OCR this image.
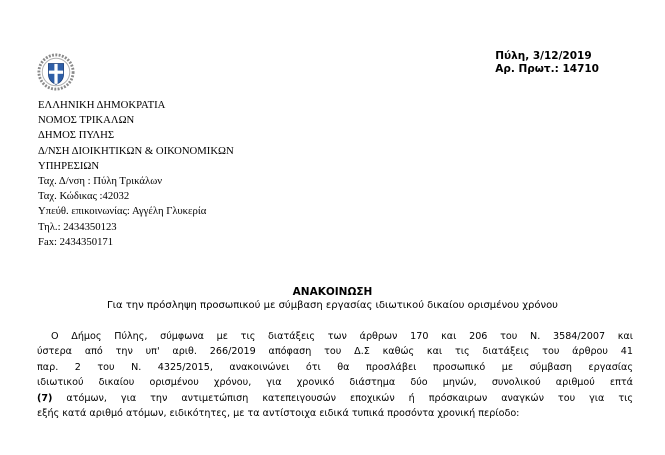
Πύλη, 3/12/2019
Αρ. Πρωτ.: 14710
ΕΛΛΗΝΙΚΗ ΔΗΜΟΚΡΑΤΙΑ
ΝΟΜΟΣ ΤΡΙΚΑΛΩΝ
ΔΗΜΟΣ ΠΥΛΗΣ
Δ/ΝΣΗ ΔΙΟΙΚΗΤΙΚΩΝ & ΟΙΚΟΝΟΜΙΚΩΝ
ΥΠΗΡΕΣΙΩΝ
Ταχ. Δ/νση : Πύλη Τρικάλων
Ταχ. Κώδικας :42032
Υπεύθ. επικοινωνίας: Αγγέλη Γλυκερία
Τηλ.: 2434350123
Fax: 2434350171
ΑΝΑΚΟΙΝΩΣΗ
Για την πρόσληψη προσωπικού με σύμβαση εργασίας ιδιωτικού δικαίου ορισμένου χρόνου
Ο Δήμος Πύλης, σύμφωνα με τις διατάξεις των άρθρων 170 και 206 του Ν. 3584/2007 και
ύστερα από την υπ' αριθ. 266/2019 απόφαση του Δ.Σ καθώς και τις διατάξεις του άρθρου 41
παρ. 2 του Ν. 4325/2015, ανακοινώνει ότι θα προσλάβει προσωπικό με σύμβαση εργασίας
ιδιωτικού δικαίου ορισμένου χρόνου, για χρονικό διάστημα δύο μηνών, συνολικού αριθμού επτά
(7) ατόμων, για την αντιμετώπιση κατεπειγουσών εποχικών ή πρόσκαιρων αναγκών του για τις
εξής κατά αριθμό ατόμων, ειδικότητες, με τα αντίστοιχα ειδικά τυπικά προσόντα χρονική περίοδο:
